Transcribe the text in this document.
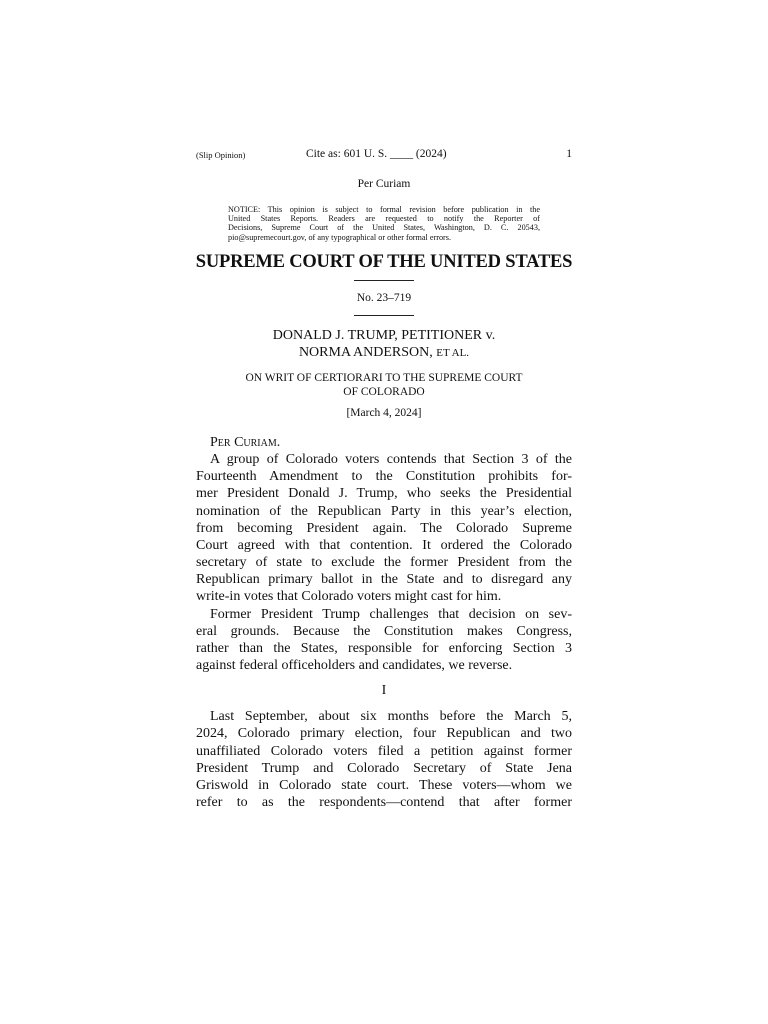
(Slip Opinion)	Cite as: 601 U. S. ____ (2024)	1
Per Curiam
NOTICE: This opinion is subject to formal revision before publication in the
United States Reports. Readers are requested to notify the Reporter of
Decisions, Supreme Court of the United States, Washington, D. C. 20543,
pio@supremecourt.gov, of any typographical or other formal errors.
SUPREME COURT OF THE UNITED STATES
No. 23–719
DONALD J. TRUMP, PETITIONER v.
NORMA ANDERSON, ET AL.
ON WRIT OF CERTIORARI TO THE SUPREME COURT
OF COLORADO
[March 4, 2024]
Per Curiam.
A group of Colorado voters contends that Section 3 of the
Fourteenth Amendment to the Constitution prohibits for-
mer President Donald J. Trump, who seeks the Presidential
nomination of the Republican Party in this year’s election,
from becoming President again. The Colorado Supreme
Court agreed with that contention. It ordered the Colorado
secretary of state to exclude the former President from the
Republican primary ballot in the State and to disregard any
write-in votes that Colorado voters might cast for him.
Former President Trump challenges that decision on sev-
eral grounds. Because the Constitution makes Congress,
rather than the States, responsible for enforcing Section 3
against federal officeholders and candidates, we reverse.
I
Last September, about six months before the March 5,
2024, Colorado primary election, four Republican and two
unaffiliated Colorado voters filed a petition against former
President Trump and Colorado Secretary of State Jena
Griswold in Colorado state court. These voters—whom we
refer to as the respondents—contend that after former
